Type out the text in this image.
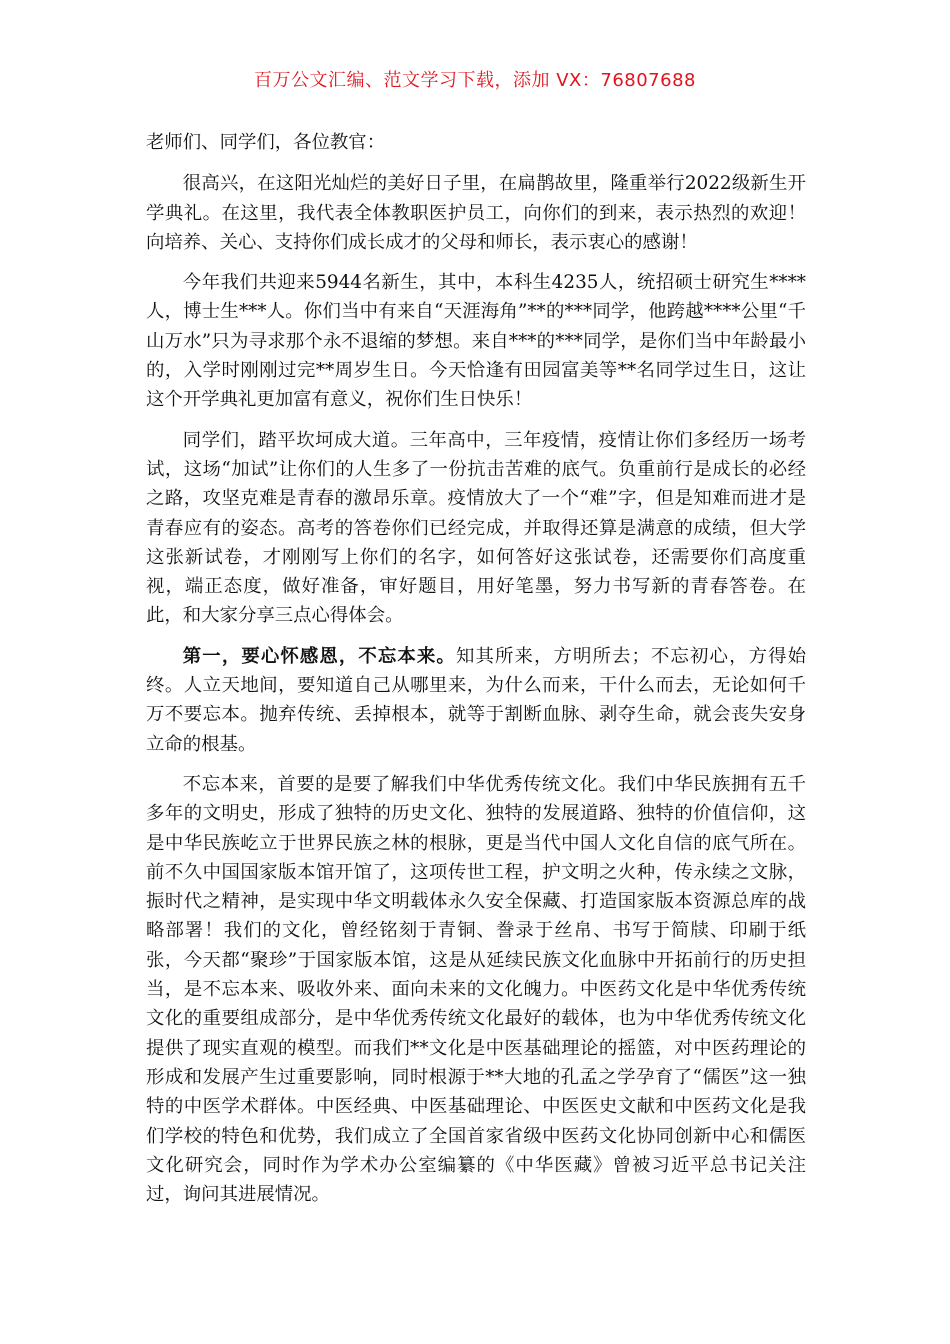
百万公文汇编、范文学习下载，添加 VX：76807688

老师们、同学们，各位教官：

很高兴，在这阳光灿烂的美好日子里，在扁鹊故里，隆重举行2022级新生开学典礼。在这里，我代表全体教职医护员工，向你们的到来，表示热烈的欢迎！向培养、关心、支持你们成长成才的父母和师长，表示衷心的感谢！

今年我们共迎来5944名新生，其中，本科生4235人，统招硕士研究生****人，博士生***人。你们当中有来自“天涯海角”**的***同学，他跨越****公里“千山万水”只为寻求那个永不退缩的梦想。来自***的***同学，是你们当中年龄最小的，入学时刚刚过完**周岁生日。今天恰逢有田园富美等**名同学过生日，这让这个开学典礼更加富有意义，祝你们生日快乐！

同学们，踏平坎坷成大道。三年高中，三年疫情，疫情让你们多经历一场考试，这场“加试”让你们的人生多了一份抗击苦难的底气。负重前行是成长的必经之路，攻坚克难是青春的激昂乐章。疫情放大了一个“难”字，但是知难而进才是青春应有的姿态。高考的答卷你们已经完成，并取得还算是满意的成绩，但大学这张新试卷，才刚刚写上你们的名字，如何答好这张试卷，还需要你们高度重视，端正态度，做好准备，审好题目，用好笔墨，努力书写新的青春答卷。在此，和大家分享三点心得体会。

第一，要心怀感恩，不忘本来。知其所来，方明所去；不忘初心，方得始终。人立天地间，要知道自己从哪里来，为什么而来，干什么而去，无论如何千万不要忘本。抛弃传统、丢掉根本，就等于割断血脉、剥夺生命，就会丧失安身立命的根基。

不忘本来，首要的是要了解我们中华优秀传统文化。我们中华民族拥有五千多年的文明史，形成了独特的历史文化、独特的发展道路、独特的价值信仰，这是中华民族屹立于世界民族之林的根脉，更是当代中国人文化自信的底气所在。前不久中国国家版本馆开馆了，这项传世工程，护文明之火种，传永续之文脉，振时代之精神，是实现中华文明载体永久安全保藏、打造国家版本资源总库的战略部署！我们的文化，曾经铭刻于青铜、誊录于丝帛、书写于简牍、印刷于纸张，今天都“聚珍”于国家版本馆，这是从延续民族文化血脉中开拓前行的历史担当，是不忘本来、吸收外来、面向未来的文化魄力。中医药文化是中华优秀传统文化的重要组成部分，是中华优秀传统文化最好的载体，也为中华优秀传统文化提供了现实直观的模型。而我们**文化是中医基础理论的摇篮，对中医药理论的形成和发展产生过重要影响，同时根源于**大地的孔孟之学孕育了“儒医”这一独特的中医学术群体。中医经典、中医基础理论、中医医史文献和中医药文化是我们学校的特色和优势，我们成立了全国首家省级中医药文化协同创新中心和儒医文化研究会，同时作为学术办公室编纂的《中华医藏》曾被习近平总书记关注过，询问其进展情况。
